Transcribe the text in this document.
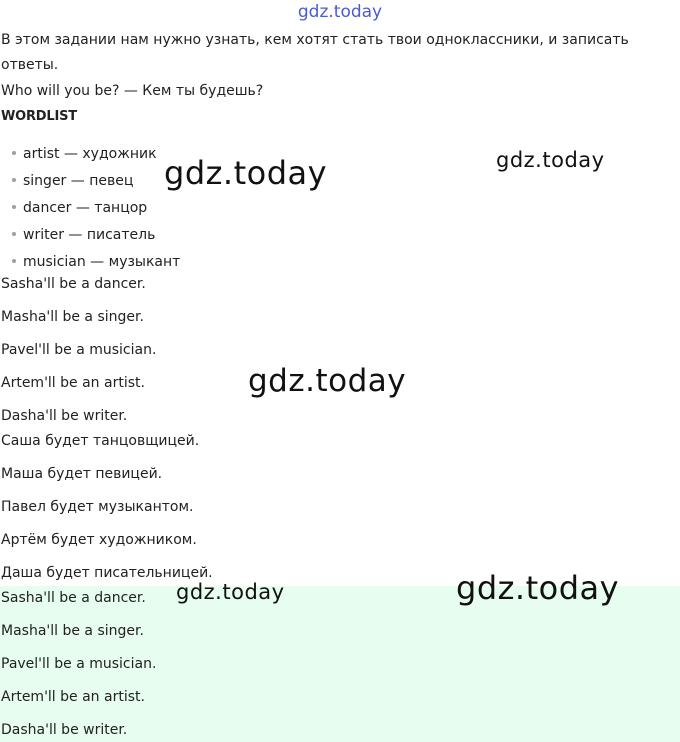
gdz.today
В этом задании нам нужно узнать, кем хотят стать твои одноклассники, и записать
ответы.
Who will you be? — Кем ты будешь?
WORDLIST
artist — художник
singer — певец
dancer — танцор
writer — писатель
musician — музыкант
Sasha'll be a dancer.
Masha'll be a singer.
Pavel'll be a musician.
Artem'll be an artist.
Dasha'll be writer.
Саша будет танцовщицей.
Маша будет певицей.
Павел будет музыкантом.
Артём будет художником.
Даша будет писательницей.
Sasha'll be a dancer.
Masha'll be a singer.
Pavel'll be a musician.
Artem'll be an artist.
Dasha'll be writer.
gdz.today	gdz.today
gdz.today
gdz.today	gdz.today
